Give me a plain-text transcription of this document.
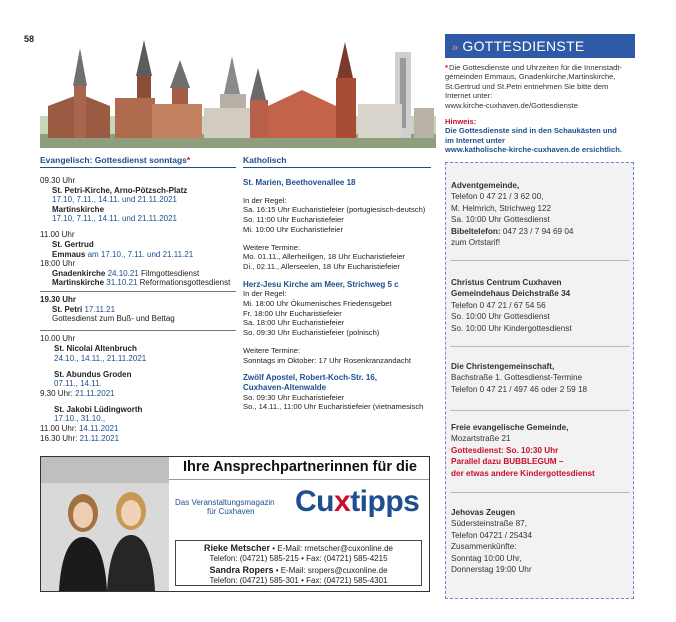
58
Evangelisch: Gottesdienst sonntags*	Katholisch
09.30 Uhr
St. Petri-Kirche, Arno-Pötzsch-Platz
17.10, 7.11., 14.11. und 21.11.2021
Martinskirche
17.10, 7.11., 14.11. und 21.11.2021
11.00 Uhr
St. Gertrud
Emmaus am 17.10., 7.11. und 21.11.21
18:00 Uhr
Gnadenkirche 24.10.21 Filmgottesdienst
Martinskirche 31.10.21 Reformationsgottesdienst
19.30 Uhr
St. Petri 17.11.21
Gottesdienst zum Buß- und Bettag
10.00 Uhr
St. Nicolai Altenbruch
24.10., 14.11., 21.11.2021
St. Abundus Groden
07.11., 14.11.
9.30 Uhr: 21.11.2021
St. Jakobi Lüdingworth
17.10., 31.10.,
11.00 Uhr: 14.11.2021
16.30 Uhr: 21.11.2021
St. Marien, Beethovenallee 18
In der Regel:
Sa. 16:15 Uhr Eucharistiefeier (portugiesisch-deutsch)
So. 11:00 Uhr Eucharistiefeier
Mi. 10:00 Uhr Eucharistiefeier
Weitere Termine:
Mo. 01.11., Allerheiligen, 18 Uhr Eucharistiefeier
Di., 02.11., Allerseelen, 18 Uhr Eucharistiefeier
Herz-Jesu Kirche am Meer, Strichweg 5 c
In der Regel:
Mi. 18:00 Uhr Ökumenisches Friedensgebet
Fr. 18:00 Uhr Eucharistiefeier
Sa. 18:00 Uhr Eucharistiefeier
So. 09:30 Uhr Eucharistiefeier (polnisch)
Weitere Termine:
Sonntags im Oktober: 17 Uhr Rosenkranzandacht
Zwölf Apostel, Robert-Koch-Str. 16,
Cuxhaven-Altenwalde
So. 09:30 Uhr Eucharistiefeier
So., 14.11., 11:00 Uhr Eucharistiefeier (vietnamesisch
» GOTTESDIENSTE
*Die Gottesdienste und Uhrzeiten für die Innenstadt-
gemeinden Emmaus, Gnadenkirche,Martinskirche,
St.Gertrud und St.Petri entnehmen Sie bitte dem
Internet unter:
www.kirche-cuxhaven.de/Gottesdienste
Hinweis:
Die Gottesdienste sind in den Schaukästen und
im Internet unter
www.katholische-kirche-cuxhaven.de ersichtlich.
Adventgemeinde,
Telefon 0 47 21 / 3 62 00,
M. Helmrich, Strichweg 122
Sa. 10:00 Uhr Gottesdienst
Bibeltelefon: 047 23 / 7 94 69 04
zum Ortstarif!
Christus Centrum Cuxhaven
Gemeindehaus Deichstraße 34
Telefon 0 47 21 / 67 54 56
So. 10:00 Uhr Gottesdienst
So. 10:00 Uhr Kindergottesdienst
Die Christengemeinschaft,
Bachstraße 1. Gottesdienst-Termine
Telefon 0 47 21 / 497 46 oder 2 59 18
Freie evangelische Gemeinde,
Mozartstraße 21
Gottesdienst: So. 10:30 Uhr
Parallel dazu BUBBLEGUM –
der etwas andere Kindergottesdienst
Jehovas Zeugen
Südersteinstraße 87,
Telefon 04721 / 25434
Zusammenkünfte:
Sonntag 10:00 Uhr,
Donnerstag 19:00 Uhr
Ihre Ansprechpartnerinnen für die
Das Veranstaltungsmagazin
für Cuxhaven	Cuxtipps
Rieke Metscher • E-Mail: rmetscher@cuxonline.de
Telefon: (04721) 585-215 • Fax: (04721) 585-4215
Sandra Ropers • E-Mail: sropers@cuxonline.de
Telefon: (04721) 585-301 • Fax: (04721) 585-4301
